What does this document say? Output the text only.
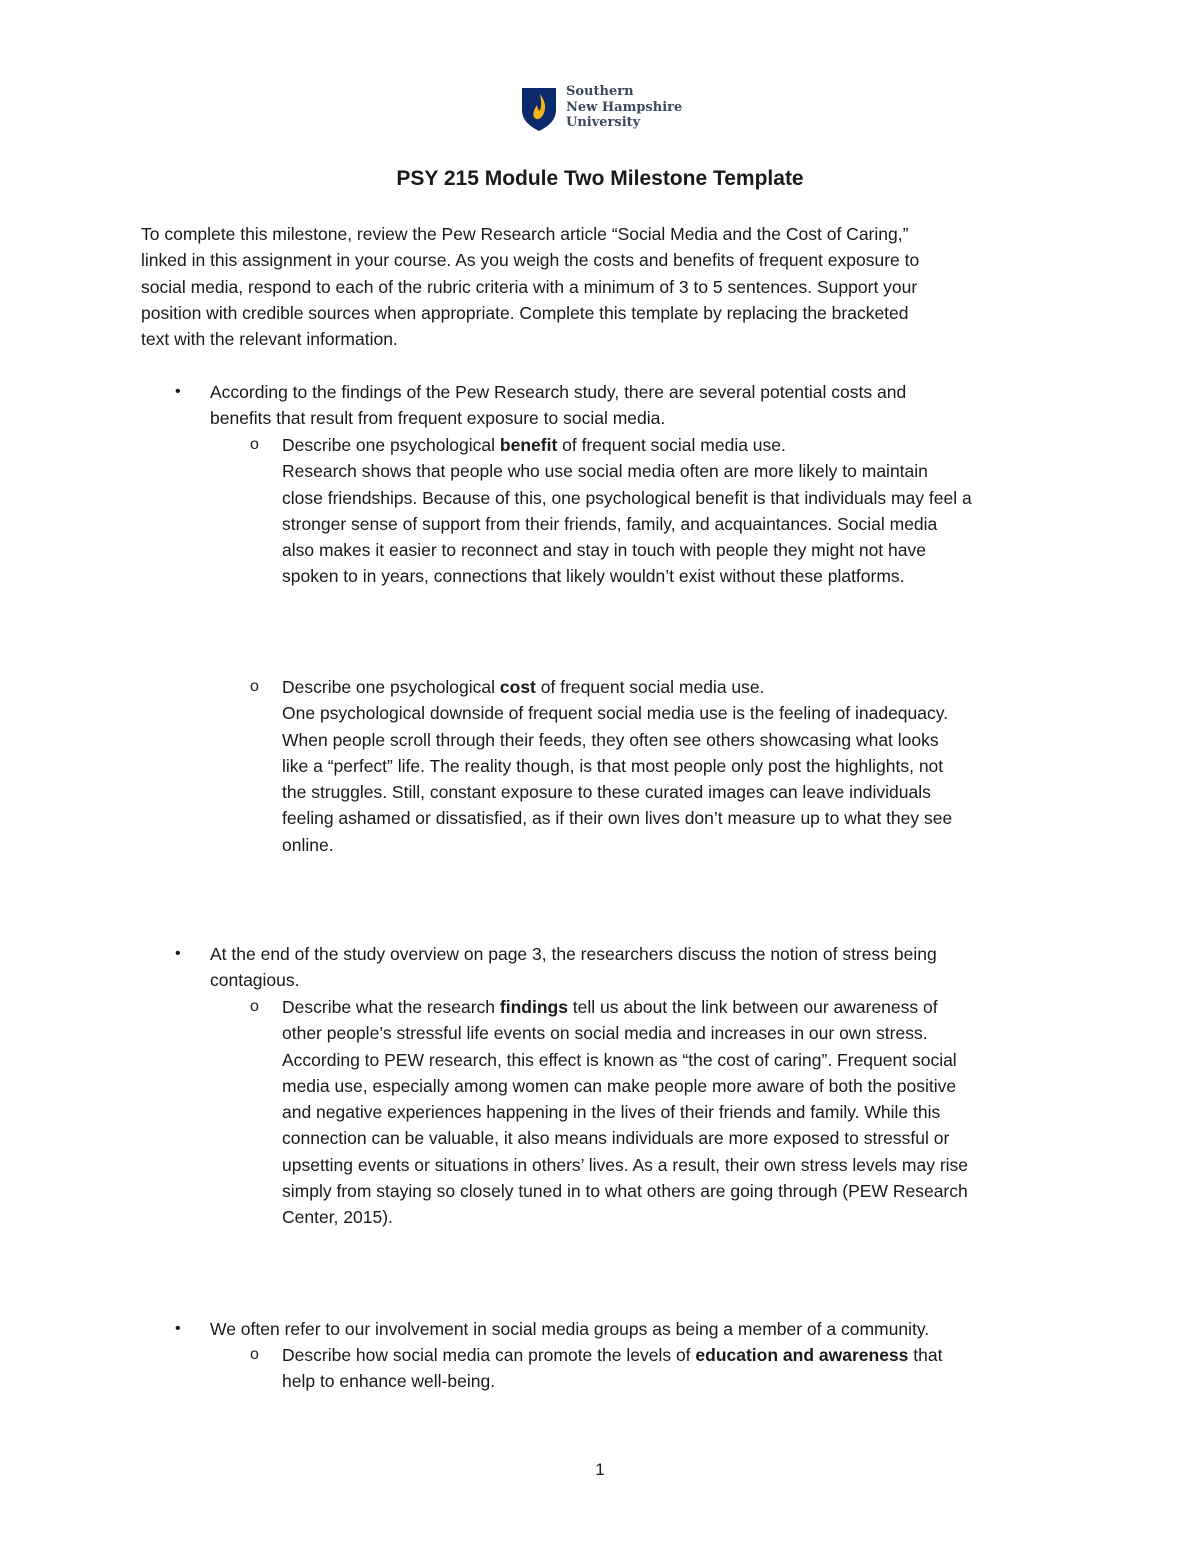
Southern
New Hampshire
University
PSY 215 Module Two Milestone Template
To complete this milestone, review the Pew Research article “Social Media and the Cost of Caring,”
linked in this assignment in your course. As you weigh the costs and benefits of frequent exposure to
social media, respond to each of the rubric criteria with a minimum of 3 to 5 sentences. Support your
position with credible sources when appropriate. Complete this template by replacing the bracketed
text with the relevant information.
• According to the findings of the Pew Research study, there are several potential costs and
benefits that result from frequent exposure to social media.
o Describe one psychological benefit of frequent social media use.
Research shows that people who use social media often are more likely to maintain
close friendships. Because of this, one psychological benefit is that individuals may feel a
stronger sense of support from their friends, family, and acquaintances. Social media
also makes it easier to reconnect and stay in touch with people they might not have
spoken to in years, connections that likely wouldn’t exist without these platforms.
o Describe one psychological cost of frequent social media use.
One psychological downside of frequent social media use is the feeling of inadequacy.
When people scroll through their feeds, they often see others showcasing what looks
like a “perfect” life. The reality though, is that most people only post the highlights, not
the struggles. Still, constant exposure to these curated images can leave individuals
feeling ashamed or dissatisfied, as if their own lives don’t measure up to what they see
online.
• At the end of the study overview on page 3, the researchers discuss the notion of stress being
contagious.
o Describe what the research findings tell us about the link between our awareness of
other people’s stressful life events on social media and increases in our own stress.
According to PEW research, this effect is known as “the cost of caring”. Frequent social
media use, especially among women can make people more aware of both the positive
and negative experiences happening in the lives of their friends and family. While this
connection can be valuable, it also means individuals are more exposed to stressful or
upsetting events or situations in others’ lives. As a result, their own stress levels may rise
simply from staying so closely tuned in to what others are going through (PEW Research
Center, 2015).
• We often refer to our involvement in social media groups as being a member of a community.
o Describe how social media can promote the levels of education and awareness that
help to enhance well-being.
1
